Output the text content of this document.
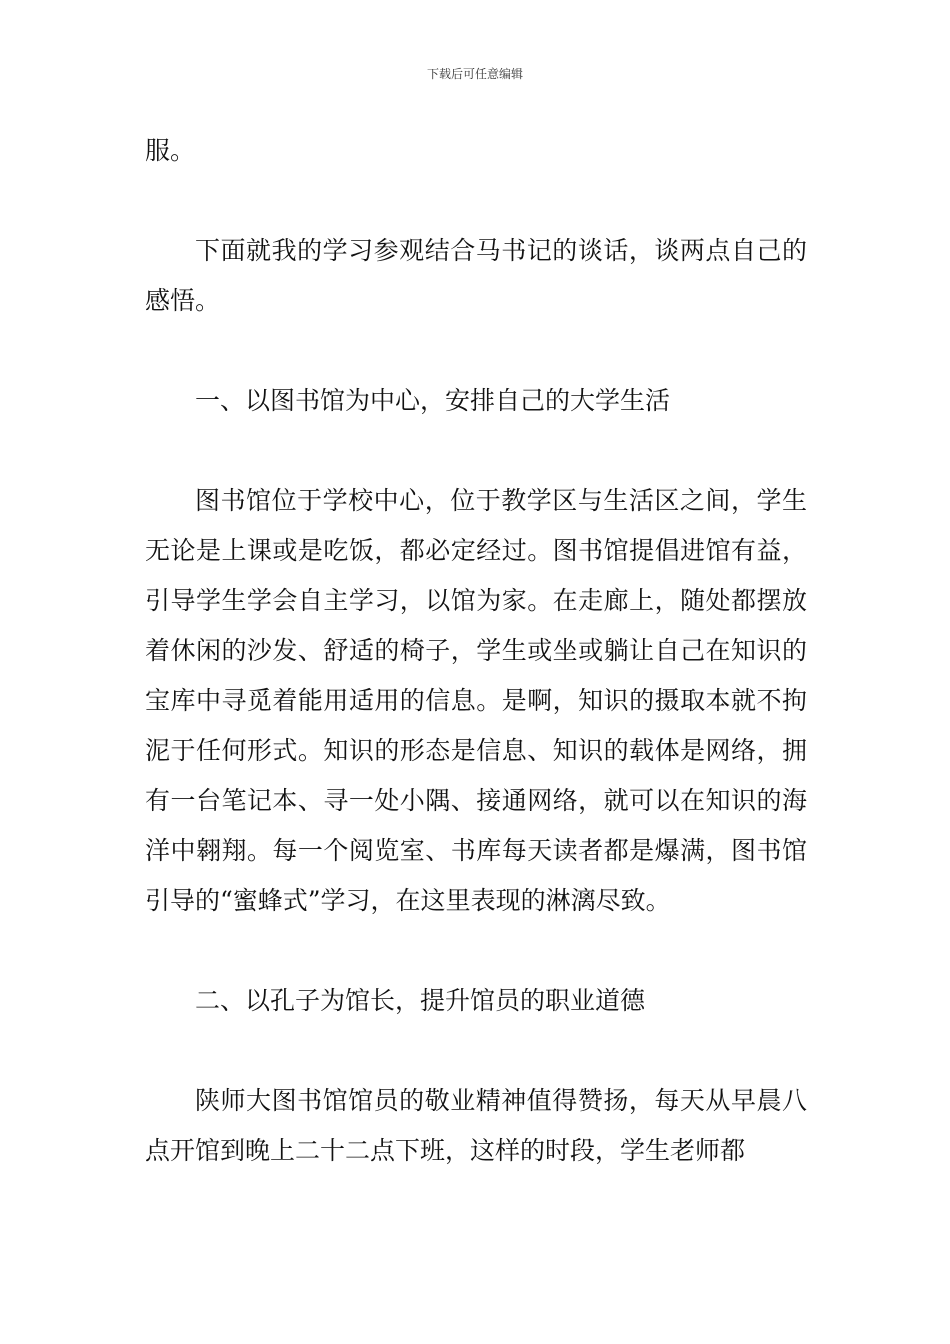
下载后可任意编辑

服。

下面就我的学习参观结合马书记的谈话，谈两点自己的感悟。

一、以图书馆为中心，安排自己的大学生活

图书馆位于学校中心，位于教学区与生活区之间，学生无论是上课或是吃饭，都必定经过。图书馆提倡进馆有益，引导学生学会自主学习，以馆为家。在走廊上，随处都摆放着休闲的沙发、舒适的椅子，学生或坐或躺让自己在知识的宝库中寻觅着能用适用的信息。是啊，知识的摄取本就不拘泥于任何形式。知识的形态是信息、知识的载体是网络，拥有一台笔记本、寻一处小隅、接通网络，就可以在知识的海洋中翱翔。每一个阅览室、书库每天读者都是爆满，图书馆引导的“蜜蜂式”学习，在这里表现的淋漓尽致。

二、以孔子为馆长，提升馆员的职业道德

陕师大图书馆馆员的敬业精神值得赞扬，每天从早晨八点开馆到晚上二十二点下班，这样的时段，学生老师都
